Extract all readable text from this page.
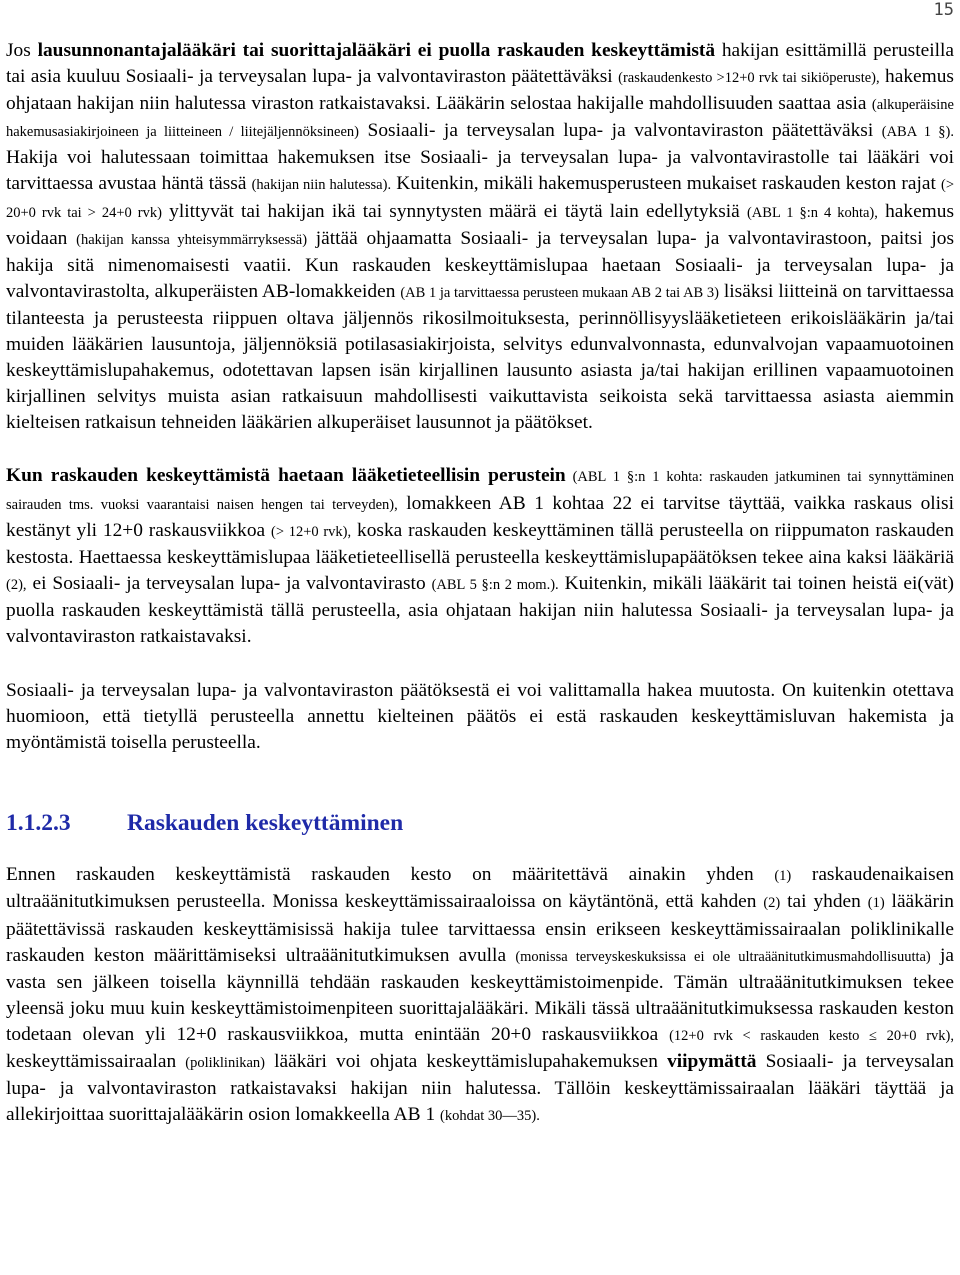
15

Jos lausunnonantajalääkäri tai suorittajalääkäri ei puolla raskauden keskeyttämistä hakijan esittämillä perusteilla tai asia kuuluu Sosiaali- ja terveysalan lupa- ja valvontaviraston päätettäväksi (raskaudenkesto >12+0 rvk tai sikiöperuste), hakemus ohjataan hakijan niin halutessa viraston ratkaistavaksi. Lääkärin selostaa hakijalle mahdollisuuden saattaa asia (alkuperäisine hakemusasiakirjoineen ja liitteineen / liitejäljennöksineen) Sosiaali- ja terveysalan lupa- ja valvontaviraston päätettäväksi (ABA 1 §). Hakija voi halutessaan toimittaa hakemuksen itse Sosiaali- ja terveysalan lupa- ja valvontavirastolle tai lääkäri voi tarvittaessa avustaa häntä tässä (hakijan niin halutessa). Kuitenkin, mikäli hakemusperusteen mukaiset raskauden keston rajat (> 20+0 rvk tai > 24+0 rvk) ylittyvät tai hakijan ikä tai synnytysten määrä ei täytä lain edellytyksiä (ABL 1 §:n 4 kohta), hakemus voidaan (hakijan kanssa yhteisymmärryksessä) jättää ohjaamatta Sosiaali- ja terveysalan lupa- ja valvontavirastoon, paitsi jos hakija sitä nimenomaisesti vaatii. Kun raskauden keskeyttämislupaa haetaan Sosiaali- ja terveysalan lupa- ja valvontavirastolta, alkuperäisten AB-lomakkeiden (AB 1 ja tarvittaessa perusteen mukaan AB 2 tai AB 3) lisäksi liitteinä on tarvittaessa tilanteesta ja perusteesta riippuen oltava jäljennös rikosilmoituksesta, perinnöllisyyslääketieteen erikoislääkärin ja/tai muiden lääkärien lausuntoja, jäljennöksiä potilasasiakirjoista, selvitys edunvalvonnasta, edunvalvojan vapaamuotoinen keskeyttämislupahakemus, odotettavan lapsen isän kirjallinen lausunto asiasta ja/tai hakijan erillinen vapaamuotoinen kirjallinen selvitys muista asian ratkaisuun mahdollisesti vaikuttavista seikoista sekä tarvittaessa asiasta aiemmin kielteisen ratkaisun tehneiden lääkärien alkuperäiset lausunnot ja päätökset.

Kun raskauden keskeyttämistä haetaan lääketieteellisin perustein (ABL 1 §:n 1 kohta: raskauden jatkuminen tai synnyttäminen sairauden tms. vuoksi vaarantaisi naisen hengen tai terveyden), lomakkeen AB 1 kohtaa 22 ei tarvitse täyttää, vaikka raskaus olisi kestänyt yli 12+0 raskausviikkoa (> 12+0 rvk), koska raskauden keskeyttäminen tällä perusteella on riippumaton raskauden kestosta. Haettaessa keskeyttämislupaa lääketieteellisellä perusteella keskeyttämislupapäätöksen tekee aina kaksi lääkäriä (2), ei Sosiaali- ja terveysalan lupa- ja valvontavirasto (ABL 5 §:n 2 mom.). Kuitenkin, mikäli lääkärit tai toinen heistä ei(vät) puolla raskauden keskeyttämistä tällä perusteella, asia ohjataan hakijan niin halutessa Sosiaali- ja terveysalan lupa- ja valvontaviraston ratkaistavaksi.

Sosiaali- ja terveysalan lupa- ja valvontaviraston päätöksestä ei voi valittamalla hakea muutosta. On kuitenkin otettava huomioon, että tietyllä perusteella annettu kielteinen päätös ei estä raskauden keskeyttämisluvan hakemista ja myöntämistä toisella perusteella.

1.1.2.3	Raskauden keskeyttäminen

Ennen raskauden keskeyttämistä raskauden kesto on määritettävä ainakin yhden (1) raskaudenaikaisen ultraäänitutkimuksen perusteella. Monissa keskeyttämissairaaloissa on käytäntönä, että kahden (2) tai yhden (1) lääkärin päätettävissä raskauden keskeyttämisissä hakija tulee tarvittaessa ensin erikseen keskeyttämissairaalan poliklinikalle raskauden keston määrittämiseksi ultraäänitutkimuksen avulla (monissa terveyskeskuksissa ei ole ultraäänitutkimusmahdollisuutta) ja vasta sen jälkeen toisella käynnillä tehdään raskauden keskeyttämistoimenpide. Tämän ultraäänitutkimuksen tekee yleensä joku muu kuin keskeyttämistoimenpiteen suorittajalääkäri. Mikäli tässä ultraäänitutkimuksessa raskauden keston todetaan olevan yli 12+0 raskausviikkoa, mutta enintään 20+0 raskausviikkoa (12+0 rvk < raskauden kesto ≤ 20+0 rvk), keskeyttämissairaalan (poliklinikan) lääkäri voi ohjata keskeyttämislupahakemuksen viipymättä Sosiaali- ja terveysalan lupa- ja valvontaviraston ratkaistavaksi hakijan niin halutessa. Tällöin keskeyttämissairaalan lääkäri täyttää ja allekirjoittaa suorittajalääkärin osion lomakkeella AB 1 (kohdat 30—35).
